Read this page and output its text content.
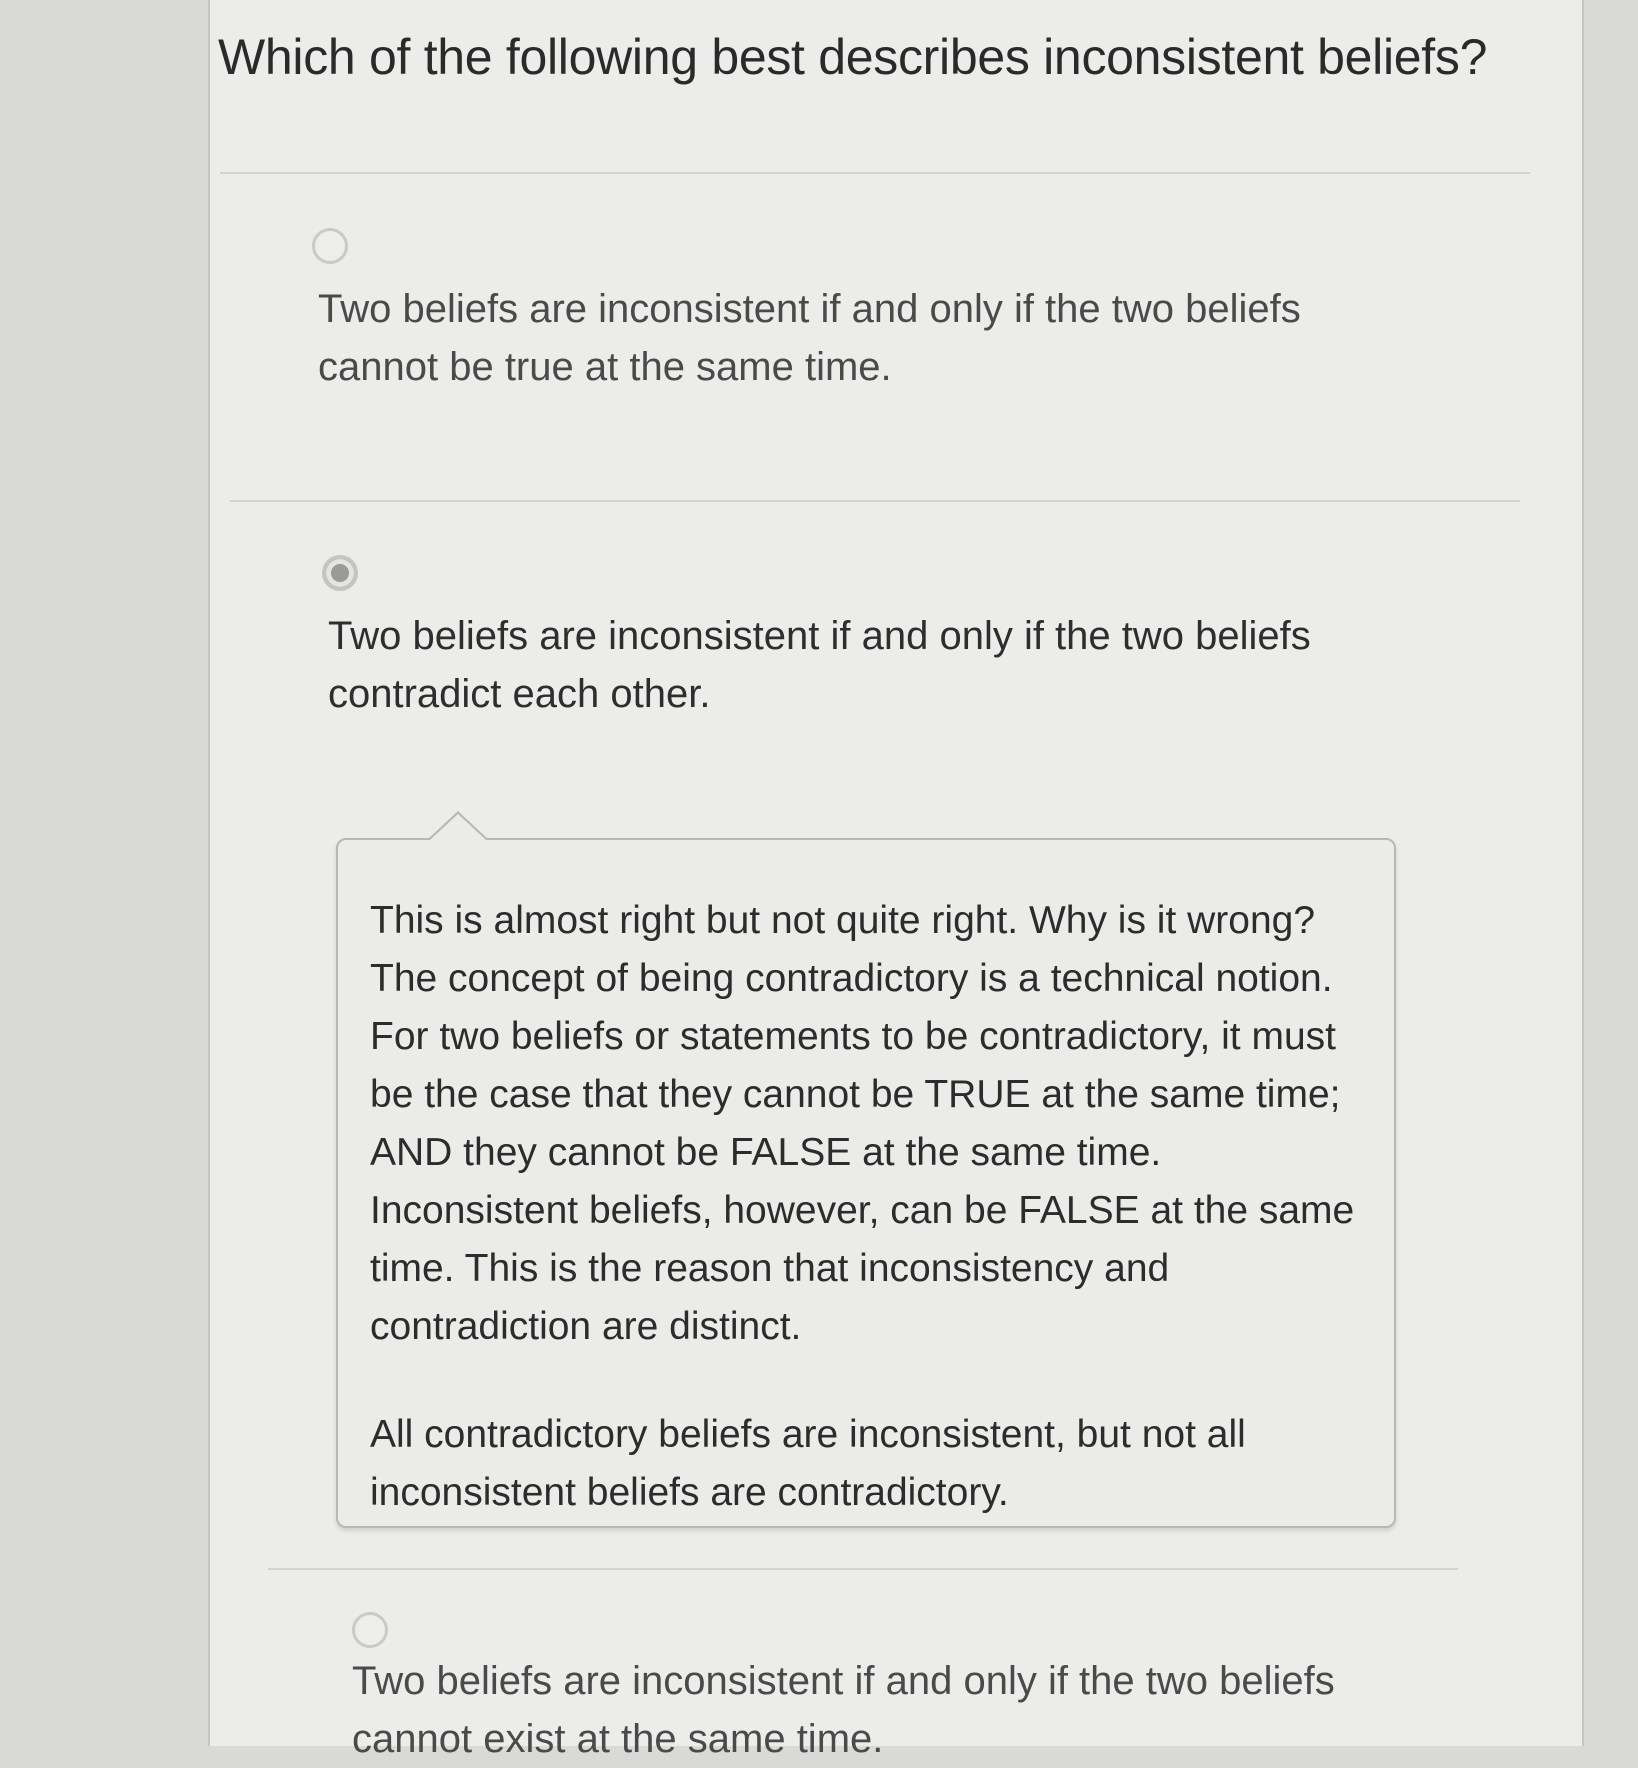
Which of the following best describes inconsistent beliefs?

Two beliefs are inconsistent if and only if the two beliefs cannot be true at the same time.

Two beliefs are inconsistent if and only if the two beliefs contradict each other.

This is almost right but not quite right. Why is it wrong? The concept of being contradictory is a technical notion. For two beliefs or statements to be contradictory, it must be the case that they cannot be TRUE at the same time; AND they cannot be FALSE at the same time. Inconsistent beliefs, however, can be FALSE at the same time. This is the reason that inconsistency and contradiction are distinct.

All contradictory beliefs are inconsistent, but not all inconsistent beliefs are contradictory.

Two beliefs are inconsistent if and only if the two beliefs cannot exist at the same time.
